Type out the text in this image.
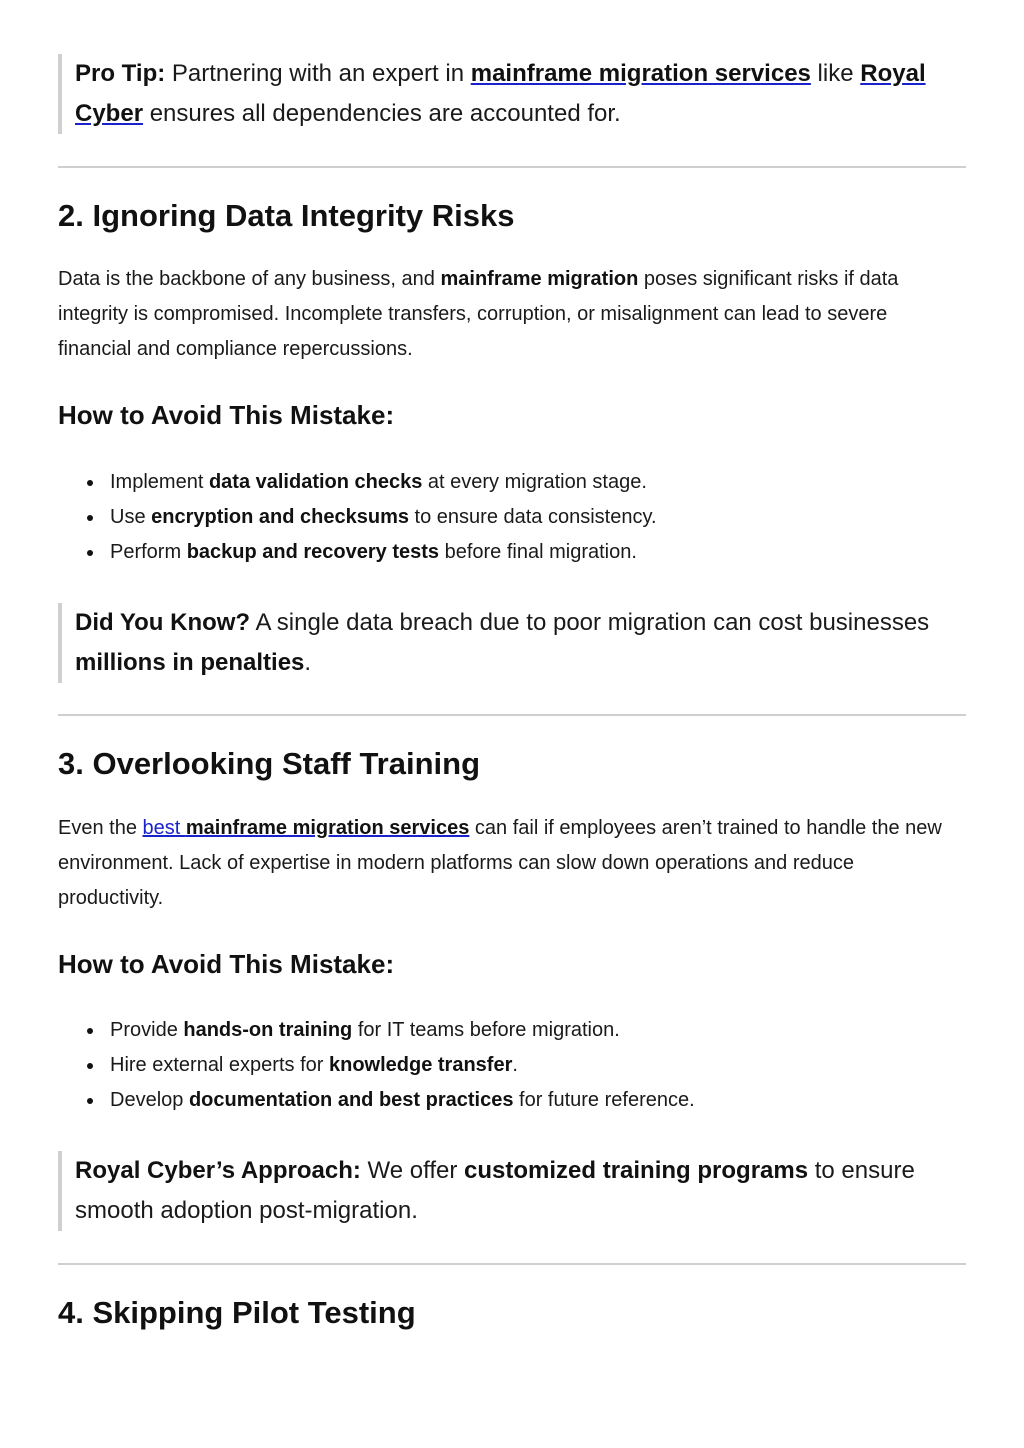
Pro Tip: Partnering with an expert in mainframe migration services like Royal Cyber ensures all dependencies are accounted for.
2. Ignoring Data Integrity Risks

Data is the backbone of any business, and mainframe migration poses significant risks if data integrity is compromised. Incomplete transfers, corruption, or misalignment can lead to severe financial and compliance repercussions.

How to Avoid This Mistake:
Implement data validation checks at every migration stage.
Use encryption and checksums to ensure data consistency.
Perform backup and recovery tests before final migration.
Did You Know? A single data breach due to poor migration can cost businesses millions in penalties.
3. Overlooking Staff Training

Even the best mainframe migration services can fail if employees aren’t trained to handle the new environment. Lack of expertise in modern platforms can slow down operations and reduce productivity.

How to Avoid This Mistake:
Provide hands-on training for IT teams before migration.
Hire external experts for knowledge transfer.
Develop documentation and best practices for future reference.
Royal Cyber’s Approach: We offer customized training programs to ensure smooth adoption post-migration.
4. Skipping Pilot Testing
